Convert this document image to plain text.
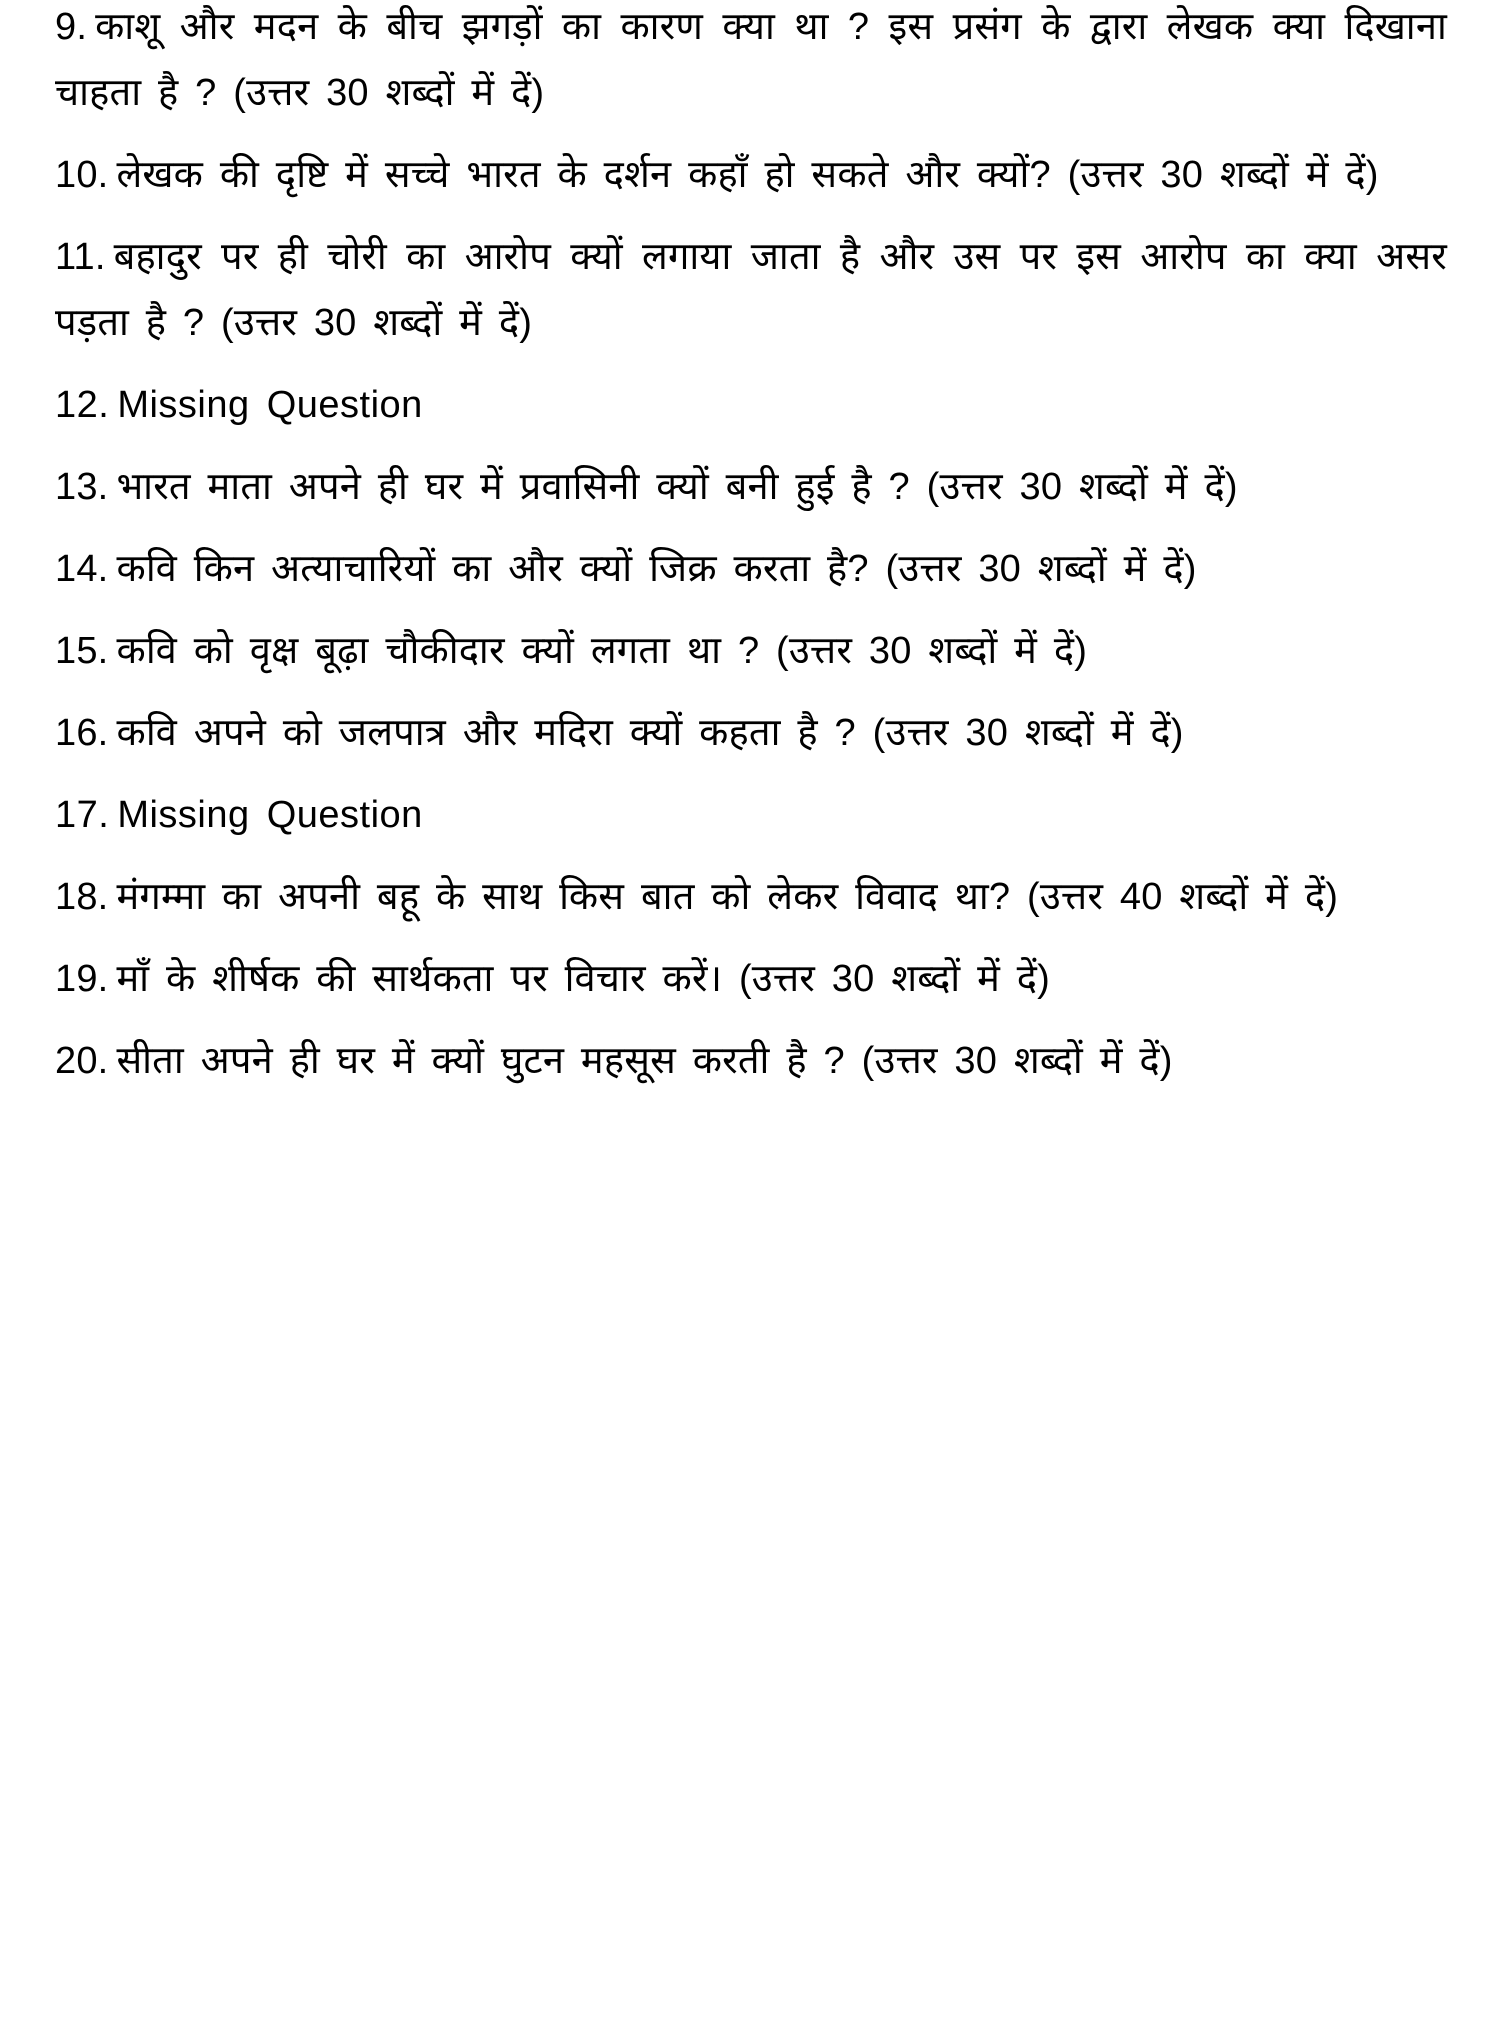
9. काशू और मदन के बीच झगड़ों का कारण क्या था ? इस प्रसंग के द्वारा लेखक क्या दिखाना चाहता है ? (उत्तर 30 शब्दों में दें)

10. लेखक की दृष्टि में सच्चे भारत के दर्शन कहाँ हो सकते और क्यों? (उत्तर 30 शब्दों में दें)

11. बहादुर पर ही चोरी का आरोप क्यों लगाया जाता है और उस पर इस आरोप का क्या असर पड़ता है ? (उत्तर 30 शब्दों में दें)

12. Missing Question

13. भारत माता अपने ही घर में प्रवासिनी क्यों बनी हुई है ? (उत्तर 30 शब्दों में दें)

14. कवि किन अत्याचारियों का और क्यों जिक्र करता है? (उत्तर 30 शब्दों में दें)

15. कवि को वृक्ष बूढ़ा चौकीदार क्यों लगता था ? (उत्तर 30 शब्दों में दें)

16. कवि अपने को जलपात्र और मदिरा क्यों कहता है ? (उत्तर 30 शब्दों में दें)

17. Missing Question

18. मंगम्मा का अपनी बहू के साथ किस बात को लेकर विवाद था? (उत्तर 40 शब्दों में दें)

19. माँ के शीर्षक की सार्थकता पर विचार करें। (उत्तर 30 शब्दों में दें)

20. सीता अपने ही घर में क्यों घुटन महसूस करती है ? (उत्तर 30 शब्दों में दें)
